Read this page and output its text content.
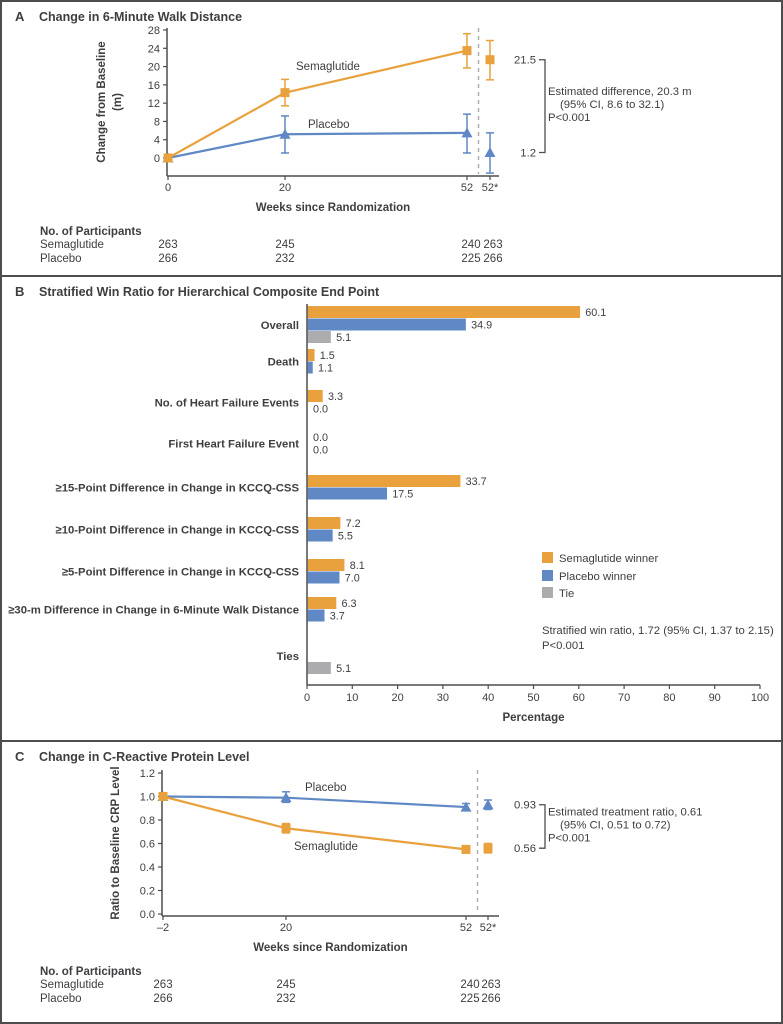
A	Change in 6-Minute Walk Distance
0
4
8
12
16
20
24
28
0	20	52 52*
Change from Baseline (m)
Semaglutide
Placebo
21.5
1.2
Estimated difference, 20.3 m
(95% CI, 8.6 to 32.1)
P<0.001
Weeks since Randomization
No. of Participants
Semaglutide	263	245	240 263
Placebo	266	232	225 266
B	Stratified Win Ratio for Hierarchical Composite End Point
60.1
34.9
5.1
Overall
1.5
1.1
Death
3.3
0.0
No. of Heart Failure Events
0.0
0.0
First Heart Failure Event
33.7
17.5
≥15-Point Difference in Change in KCCQ-CSS
7.2
5.5
≥10-Point Difference in Change in KCCQ-CSS
8.1
7.0
≥5-Point Difference in Change in KCCQ-CSS
6.3
3.7
≥30-m Difference in Change in 6-Minute Walk Distance
5.1
Ties
0	10	20	30	40	50	60	70	80	90	100
Percentage
Semaglutide winner
Placebo winner
Tie
Stratified win ratio, 1.72 (95% CI, 1.37 to 2.15)
P<0.001
C	Change in C-Reactive Protein Level
0.0
0.2
0.4
0.6
0.8
1.0
1.2
–2	20	52 52*
Ratio to Baseline CRP Level	Placebo
Semaglutide
0.93
0.56
Estimated treatment ratio, 0.61
(95% CI, 0.51 to 0.72)
P<0.001
Weeks since Randomization
No. of Participants
Semaglutide	263	245	240 263
Placebo	266	232	225 266
